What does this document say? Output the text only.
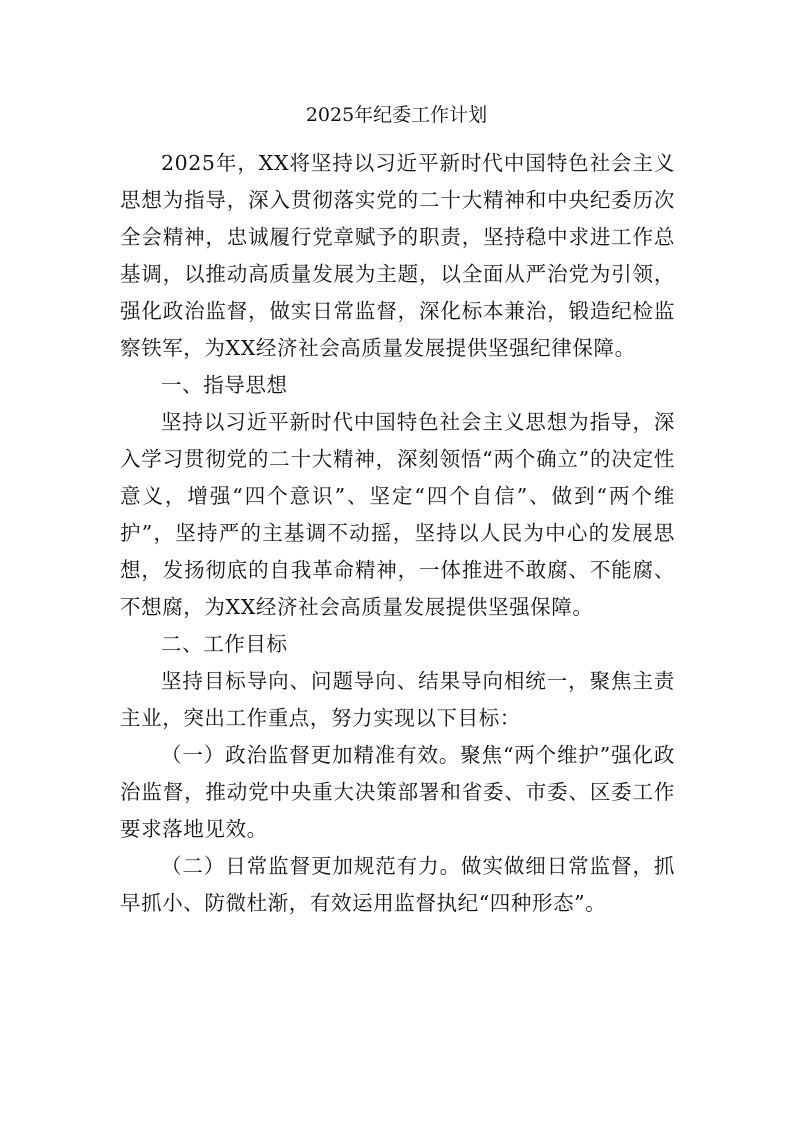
2025年纪委工作计划

2025年，XX将坚持以习近平新时代中国特色社会主义思想为指导，深入贯彻落实党的二十大精神和中央纪委历次全会精神，忠诚履行党章赋予的职责，坚持稳中求进工作总基调，以推动高质量发展为主题，以全面从严治党为引领，强化政治监督，做实日常监督，深化标本兼治，锻造纪检监察铁军，为XX经济社会高质量发展提供坚强纪律保障。

一、指导思想

坚持以习近平新时代中国特色社会主义思想为指导，深入学习贯彻党的二十大精神，深刻领悟“两个确立”的决定性意义，增强“四个意识”、坚定“四个自信”、做到“两个维护”，坚持严的主基调不动摇，坚持以人民为中心的发展思想，发扬彻底的自我革命精神，一体推进不敢腐、不能腐、不想腐，为XX经济社会高质量发展提供坚强保障。

二、工作目标

坚持目标导向、问题导向、结果导向相统一，聚焦主责主业，突出工作重点，努力实现以下目标：

（一）政治监督更加精准有效。聚焦“两个维护”强化政治监督，推动党中央重大决策部署和省委、市委、区委工作要求落地见效。

（二）日常监督更加规范有力。做实做细日常监督，抓早抓小、防微杜渐，有效运用监督执纪“四种形态”。
